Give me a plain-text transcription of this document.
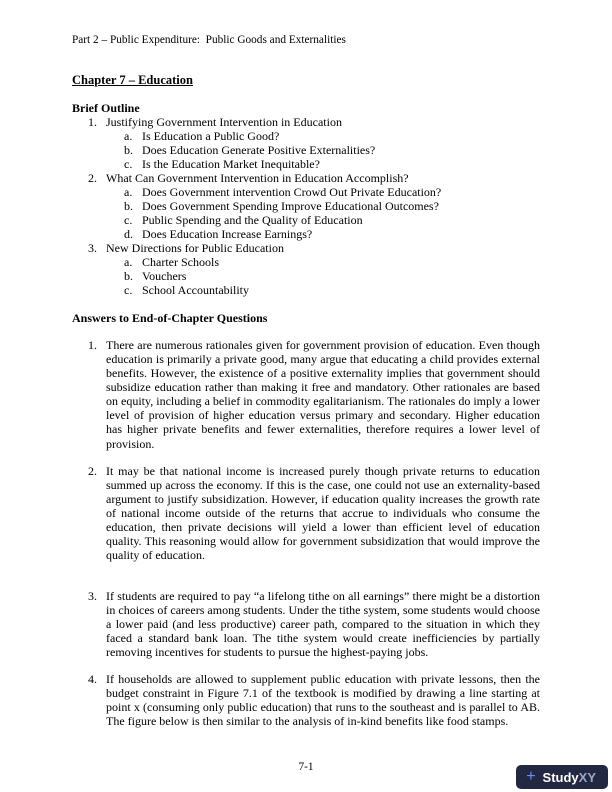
Part 2 – Public Expenditure:  Public Goods and Externalities
Chapter 7 – Education
Brief Outline
1. Justifying Government Intervention in Education
a. Is Education a Public Good?
b. Does Education Generate Positive Externalities?
c. Is the Education Market Inequitable?
2. What Can Government Intervention in Education Accomplish?
a. Does Government intervention Crowd Out Private Education?
b. Does Government Spending Improve Educational Outcomes?
c. Public Spending and the Quality of Education
d. Does Education Increase Earnings?
3. New Directions for Public Education
a. Charter Schools
b. Vouchers
c. School Accountability
Answers to End-of-Chapter Questions
1. There are numerous rationales given for government provision of education. Even though education is primarily a private good, many argue that educating a child provides external benefits. However, the existence of a positive externality implies that government should subsidize education rather than making it free and mandatory. Other rationales are based on equity, including a belief in commodity egalitarianism. The rationales do imply a lower level of provision of higher education versus primary and secondary. Higher education has higher private benefits and fewer externalities, therefore requires a lower level of provision.
2. It may be that national income is increased purely though private returns to education summed up across the economy. If this is the case, one could not use an externality-based argument to justify subsidization. However, if education quality increases the growth rate of national income outside of the returns that accrue to individuals who consume the education, then private decisions will yield a lower than efficient level of education quality. This reasoning would allow for government subsidization that would improve the quality of education.
3. If students are required to pay “a lifelong tithe on all earnings” there might be a distortion in choices of careers among students. Under the tithe system, some students would choose a lower paid (and less productive) career path, compared to the situation in which they faced a standard bank loan. The tithe system would create inefficiencies by partially removing incentives for students to pursue the highest-paying jobs.
4. If households are allowed to supplement public education with private lessons, then the budget constraint in Figure 7.1 of the textbook is modified by drawing a line starting at point x (consuming only public education) that runs to the southeast and is parallel to AB. The figure below is then similar to the analysis of in-kind benefits like food stamps.
7-1
+ StudyXY
